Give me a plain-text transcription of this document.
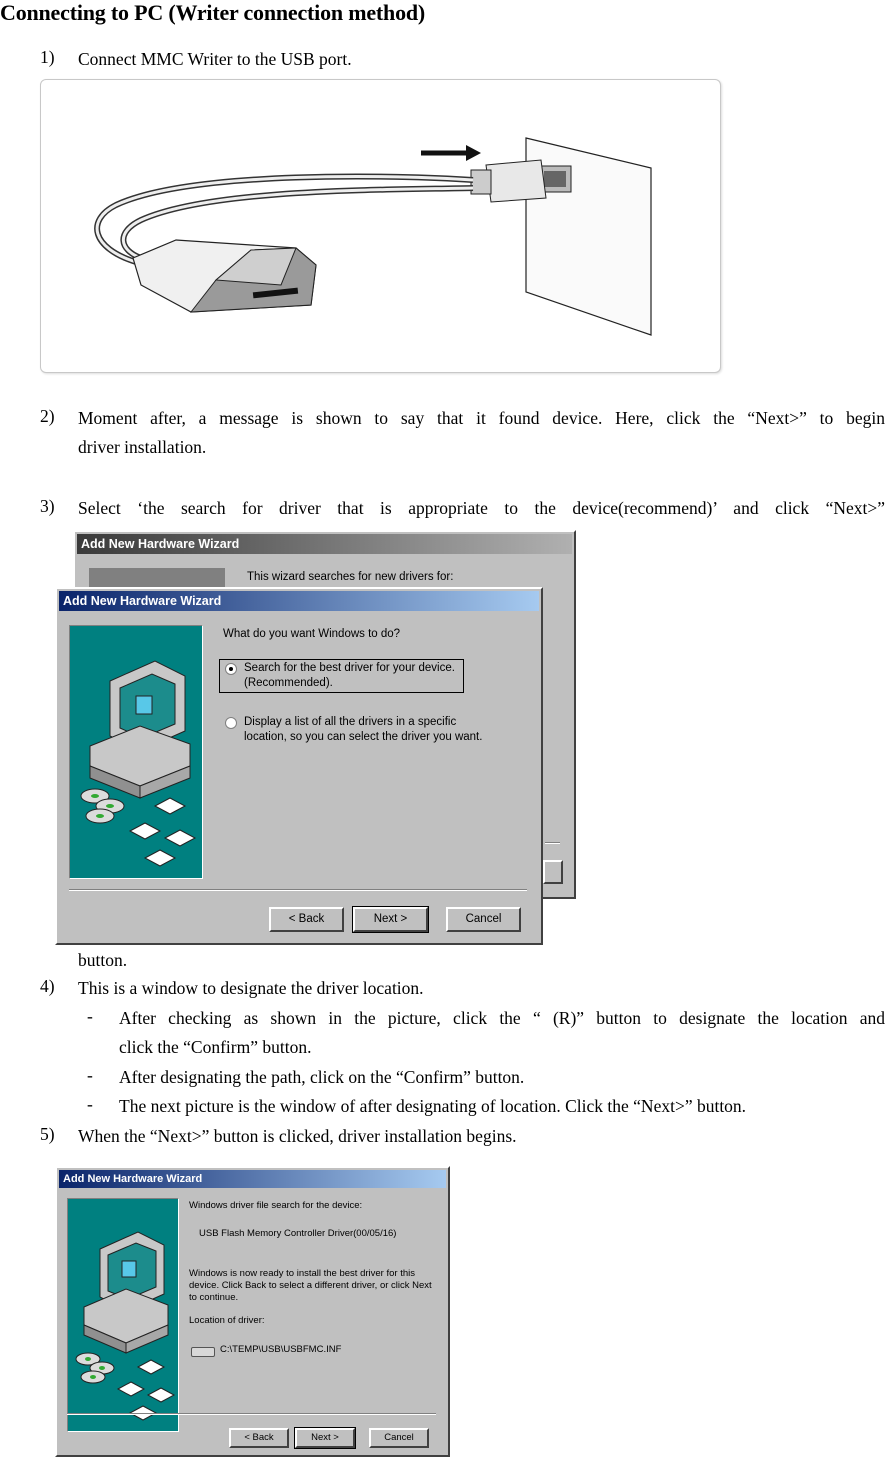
Connecting to PC (Writer connection method)
1) Connect MMC Writer to the USB port.
2) Moment after, a message is shown to say that it found device. Here, click the “Next>” to begin
driver installation.
3) Select ‘the search for driver that is appropriate to the device(recommend)’ and click “Next>”
Add New Hardware Wizard
This wizard searches for new drivers for:
Add New Hardware Wizard
What do you want Windows to do?
Search for the best driver for your device.
(Recommended).
Display a list of all the drivers in a specific
location, so you can select the driver you want.
< Back	Next >	Cancel
button.
4) This is a window to designate the driver location.
- After checking as shown in the picture, click the “ (R)” button to designate the location and
click the “Confirm” button.
- After designating the path, click on the “Confirm” button.
- The next picture is the window of after designating of location. Click the “Next>” button.
5) When the “Next>” button is clicked, driver installation begins.
Add New Hardware Wizard
Windows driver file search for the device:
USB Flash Memory Controller Driver(00/05/16)
Windows is now ready to install the best driver for this
device. Click Back to select a different driver, or click Next
to continue.
Location of driver:
C:\TEMP\USB\USBFMC.INF
< Back	Next >	Cancel
